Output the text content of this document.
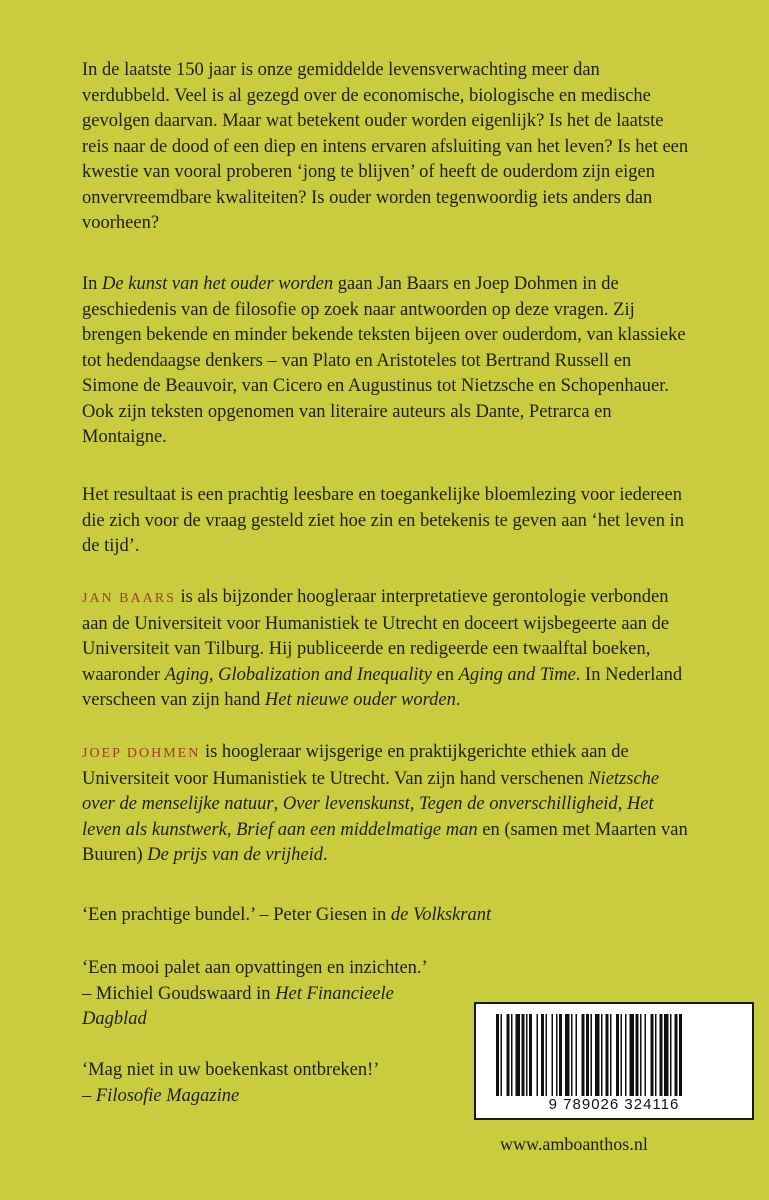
In de laatste 150 jaar is onze gemiddelde levensverwachting meer dan verdubbeld. Veel is al gezegd over de economische, biologische en medische gevolgen daarvan. Maar wat betekent ouder worden eigenlijk? Is het de laatste reis naar de dood of een diep en intens ervaren afsluiting van het leven? Is het een kwestie van vooral proberen ‘jong te blijven’ of heeft de ouderdom zijn eigen onvervreemdbare kwaliteiten? Is ouder worden tegenwoordig iets anders dan voorheen?

In De kunst van het ouder worden gaan Jan Baars en Joep Dohmen in de geschiedenis van de filosofie op zoek naar antwoorden op deze vragen. Zij brengen bekende en minder bekende teksten bijeen over ouderdom, van klassieke tot hedendaagse denkers – van Plato en Aristoteles tot Bertrand Russell en Simone de Beauvoir, van Cicero en Augustinus tot Nietzsche en Schopenhauer. Ook zijn teksten opgenomen van literaire auteurs als Dante, Petrarca en Montaigne.

Het resultaat is een prachtig leesbare en toegankelijke bloemlezing voor iedereen die zich voor de vraag gesteld ziet hoe zin en betekenis te geven aan ‘het leven in de tijd’.

JAN BAARS is als bijzonder hoogleraar interpretatieve gerontologie verbonden aan de Universiteit voor Humanistiek te Utrecht en doceert wijsbegeerte aan de Universiteit van Tilburg. Hij publiceerde en redigeerde een twaalftal boeken, waaronder Aging, Globalization and Inequality en Aging and Time. In Nederland verscheen van zijn hand Het nieuwe ouder worden.

JOEP DOHMEN is hoogleraar wijsgerige en praktijkgerichte ethiek aan de Universiteit voor Humanistiek te Utrecht. Van zijn hand verschenen Nietzsche over de menselijke natuur, Over levenskunst, Tegen de onverschilligheid, Het leven als kunstwerk, Brief aan een middelmatige man en (samen met Maarten van Buuren) De prijs van de vrijheid.

‘Een prachtige bundel.’ – Peter Giesen in de Volkskrant

‘Een mooi palet aan opvattingen en inzichten.’
– Michiel Goudswaard in Het Financieele Dagblad

‘Mag niet in uw boekenkast ontbreken!’
– Filosofie Magazine	9 789026 324116
www.amboanthos.nl
